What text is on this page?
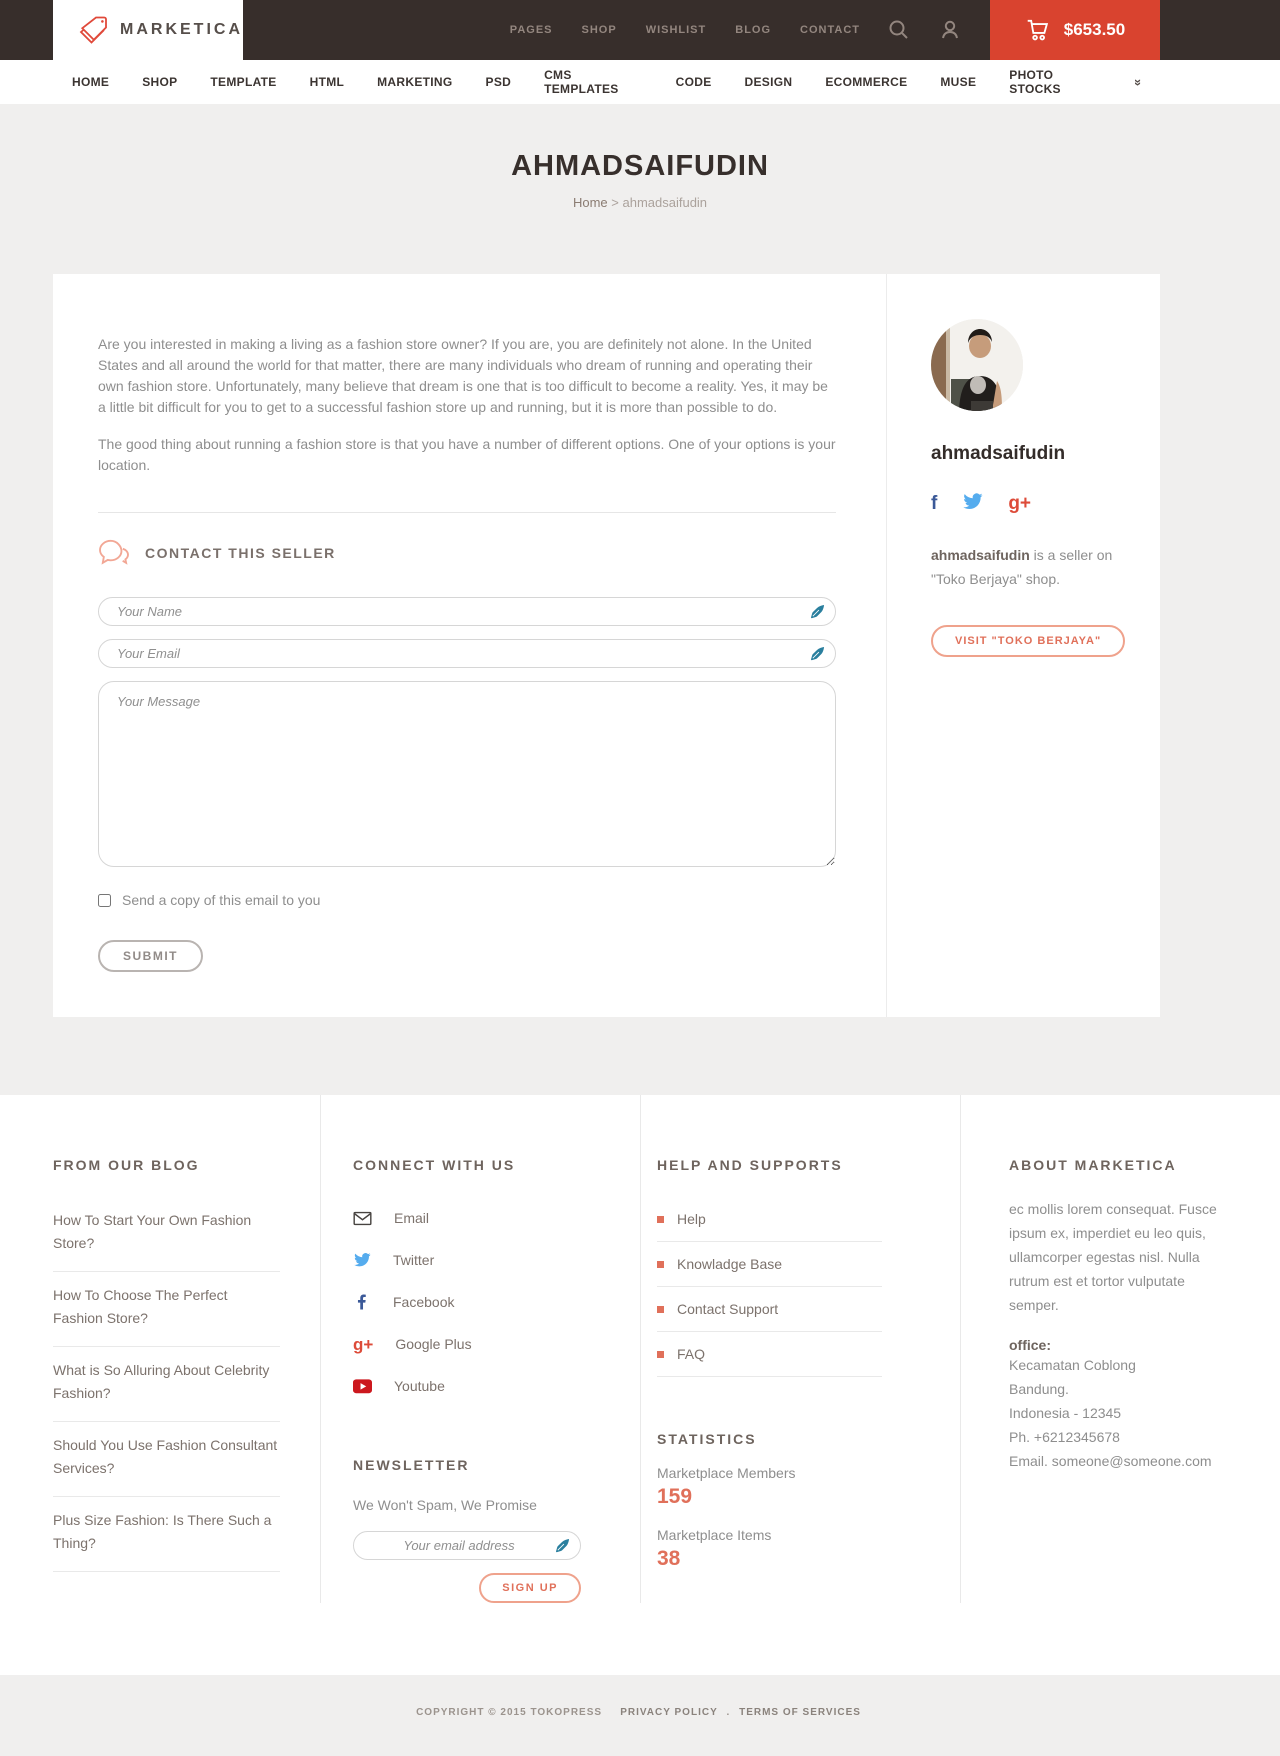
MARKETICA	PAGES	SHOP	WISHLIST	BLOG	CONTACT	$653.50
HOME	SHOP	TEMPLATE	HTML	MARKETING	PSD	CMS TEMPLATES	CODE	DESIGN	ECOMMERCE	MUSE	PHOTO STOCKS	»
AHMADSAIFUDIN
Home > ahmadsaifudin

Are you interested in making a living as a fashion store owner? If you are, you are definitely not alone. In the United States and all around the world for that matter, there are many individuals who dream of running and operating their own fashion store. Unfortunately, many believe that dream is one that is too difficult to become a reality. Yes, it may be a little bit difficult for you to get to a successful fashion store up and running, but it is more than possible to do.

The good thing about running a fashion store is that you have a number of different options. One of your options is your location.

CONTACT THIS SELLER
Your Name
Your Email
Your Message
Send a copy of this email to you
SUBMIT
ahmadsaifudin
f	g+

ahmadsaifudin is a seller on "Toko Berjaya" shop.

VISIT "TOKO BERJAYA"
FROM OUR BLOG
How To Start Your Own Fashion Store?
How To Choose The Perfect Fashion Store?
What is So Alluring About Celebrity Fashion?
Should You Use Fashion Consultant Services?
Plus Size Fashion: Is There Such a Thing?
CONNECT WITH US
Email
Twitter
Facebook
g+ Google Plus
Youtube
NEWSLETTER

We Won't Spam, We Promise

Your email address
SIGN UP
HELP AND SUPPORTS
Help
Knowladge Base
Contact Support
FAQ
STATISTICS
Marketplace Members
159
Marketplace Items
38
ABOUT MARKETICA

ec mollis lorem consequat. Fusce ipsum ex, imperdiet eu leo quis, ullamcorper egestas nisl. Nulla rutrum est et tortor vulputate semper.

office:

Kecamatan Coblong
Bandung.
Indonesia - 12345
Ph. +6212345678
Email. someone@someone.com
COPYRIGHT © 2015 TOKOPRESS PRIVACY POLICY . TERMS OF SERVICES
